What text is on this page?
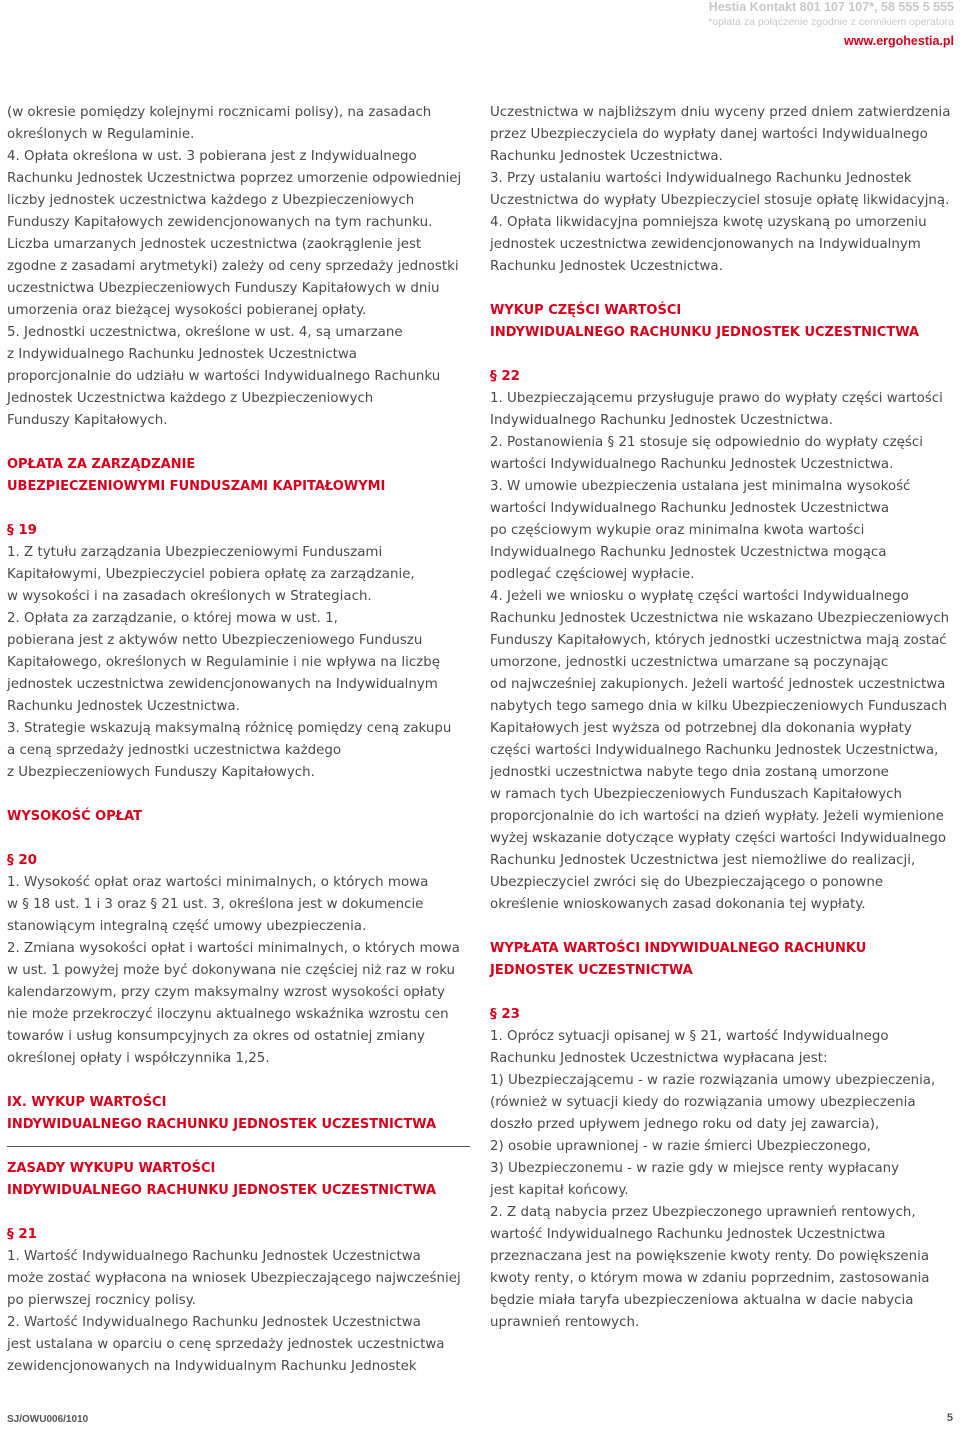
Hestia Kontakt 801 107 107*, 58 555 5 555
*opłata za połączenie zgodnie z cennikiem operatora
www.ergohestia.pl

(w okresie pomiędzy kolejnymi rocznicami polisy), na zasadach

określonych w Regulaminie.

4. Opłata określona w ust. 3 pobierana jest z Indywidualnego

Rachunku Jednostek Uczestnictwa poprzez umorzenie odpowiedniej

liczby jednostek uczestnictwa każdego z Ubezpieczeniowych

Funduszy Kapitałowych zewidencjonowanych na tym rachunku.

Liczba umarzanych jednostek uczestnictwa (zaokrąglenie jest

zgodne z zasadami arytmetyki) zależy od ceny sprzedaży jednostki

uczestnictwa Ubezpieczeniowych Funduszy Kapitałowych w dniu

umorzenia oraz bieżącej wysokości pobieranej opłaty.

5. Jednostki uczestnictwa, określone w ust. 4, są umarzane

z Indywidualnego Rachunku Jednostek Uczestnictwa

proporcjonalnie do udziału w wartości Indywidualnego Rachunku

Jednostek Uczestnictwa każdego z Ubezpieczeniowych

Funduszy Kapitałowych.

OPŁATA ZA ZARZĄDZANIE

UBEZPIECZENIOWYMI FUNDUSZAMI KAPITAŁOWYMI

§ 19

1. Z tytułu zarządzania Ubezpieczeniowymi Funduszami

Kapitałowymi, Ubezpieczyciel pobiera opłatę za zarządzanie,

w wysokości i na zasadach określonych w Strategiach.

2. Opłata za zarządzanie, o której mowa w ust. 1,

pobierana jest z aktywów netto Ubezpieczeniowego Funduszu

Kapitałowego, określonych w Regulaminie i nie wpływa na liczbę

jednostek uczestnictwa zewidencjonowanych na Indywidualnym

Rachunku Jednostek Uczestnictwa.

3. Strategie wskazują maksymalną różnicę pomiędzy ceną zakupu

a ceną sprzedaży jednostki uczestnictwa każdego

z Ubezpieczeniowych Funduszy Kapitałowych.

WYSOKOŚĆ OPŁAT

§ 20

1. Wysokość opłat oraz wartości minimalnych, o których mowa

w § 18 ust. 1 i 3 oraz § 21 ust. 3, określona jest w dokumencie

stanowiącym integralną część umowy ubezpieczenia.

2. Zmiana wysokości opłat i wartości minimalnych, o których mowa

w ust. 1 powyżej może być dokonywana nie częściej niż raz w roku

kalendarzowym, przy czym maksymalny wzrost wysokości opłaty

nie może przekroczyć iloczynu aktualnego wskaźnika wzrostu cen

towarów i usług konsumpcyjnych za okres od ostatniej zmiany

określonej opłaty i współczynnika 1,25.

IX. WYKUP WARTOŚCI

INDYWIDUALNEGO RACHUNKU JEDNOSTEK UCZESTNICTWA

ZASADY WYKUPU WARTOŚCI

INDYWIDUALNEGO RACHUNKU JEDNOSTEK UCZESTNICTWA

§ 21

1. Wartość Indywidualnego Rachunku Jednostek Uczestnictwa

może zostać wypłacona na wniosek Ubezpieczającego najwcześniej

po pierwszej rocznicy polisy.

2. Wartość Indywidualnego Rachunku Jednostek Uczestnictwa

jest ustalana w oparciu o cenę sprzedaży jednostek uczestnictwa

zewidencjonowanych na Indywidualnym Rachunku Jednostek

Uczestnictwa w najbliższym dniu wyceny przed dniem zatwierdzenia

przez Ubezpieczyciela do wypłaty danej wartości Indywidualnego

Rachunku Jednostek Uczestnictwa.

3. Przy ustalaniu wartości Indywidualnego Rachunku Jednostek

Uczestnictwa do wypłaty Ubezpieczyciel stosuje opłatę likwidacyjną.

4. Opłata likwidacyjna pomniejsza kwotę uzyskaną po umorzeniu

jednostek uczestnictwa zewidencjonowanych na Indywidualnym

Rachunku Jednostek Uczestnictwa.

WYKUP CZĘŚCI WARTOŚCI

INDYWIDUALNEGO RACHUNKU JEDNOSTEK UCZESTNICTWA

§ 22

1. Ubezpieczającemu przysługuje prawo do wypłaty części wartości

Indywidualnego Rachunku Jednostek Uczestnictwa.

2. Postanowienia § 21 stosuje się odpowiednio do wypłaty części

wartości Indywidualnego Rachunku Jednostek Uczestnictwa.

3. W umowie ubezpieczenia ustalana jest minimalna wysokość

wartości Indywidualnego Rachunku Jednostek Uczestnictwa

po częściowym wykupie oraz minimalna kwota wartości

Indywidualnego Rachunku Jednostek Uczestnictwa mogąca

podlegać częściowej wypłacie.

4. Jeżeli we wniosku o wypłatę części wartości Indywidualnego

Rachunku Jednostek Uczestnictwa nie wskazano Ubezpieczeniowych

Funduszy Kapitałowych, których jednostki uczestnictwa mają zostać

umorzone, jednostki uczestnictwa umarzane są poczynając

od najwcześniej zakupionych. Jeżeli wartość jednostek uczestnictwa

nabytych tego samego dnia w kilku Ubezpieczeniowych Funduszach

Kapitałowych jest wyższa od potrzebnej dla dokonania wypłaty

części wartości Indywidualnego Rachunku Jednostek Uczestnictwa,

jednostki uczestnictwa nabyte tego dnia zostaną umorzone

w ramach tych Ubezpieczeniowych Funduszach Kapitałowych

proporcjonalnie do ich wartości na dzień wypłaty. Jeżeli wymienione

wyżej wskazanie dotyczące wypłaty części wartości Indywidualnego

Rachunku Jednostek Uczestnictwa jest niemożliwe do realizacji,

Ubezpieczyciel zwróci się do Ubezpieczającego o ponowne

określenie wnioskowanych zasad dokonania tej wypłaty.

WYPŁATA WARTOŚCI INDYWIDUALNEGO RACHUNKU

JEDNOSTEK UCZESTNICTWA

§ 23

1. Oprócz sytuacji opisanej w § 21, wartość Indywidualnego

Rachunku Jednostek Uczestnictwa wypłacana jest:

1) Ubezpieczającemu - w razie rozwiązania umowy ubezpieczenia,

(również w sytuacji kiedy do rozwiązania umowy ubezpieczenia

doszło przed upływem jednego roku od daty jej zawarcia),

2) osobie uprawnionej - w razie śmierci Ubezpieczonego,

3) Ubezpieczonemu - w razie gdy w miejsce renty wypłacany

jest kapitał końcowy.

2. Z datą nabycia przez Ubezpieczonego uprawnień rentowych,

wartość Indywidualnego Rachunku Jednostek Uczestnictwa

przeznaczana jest na powiększenie kwoty renty. Do powiększenia

kwoty renty, o którym mowa w zdaniu poprzednim, zastosowania

będzie miała taryfa ubezpieczeniowa aktualna w dacie nabycia

uprawnień rentowych.

SJ/OWU006/1010	5
